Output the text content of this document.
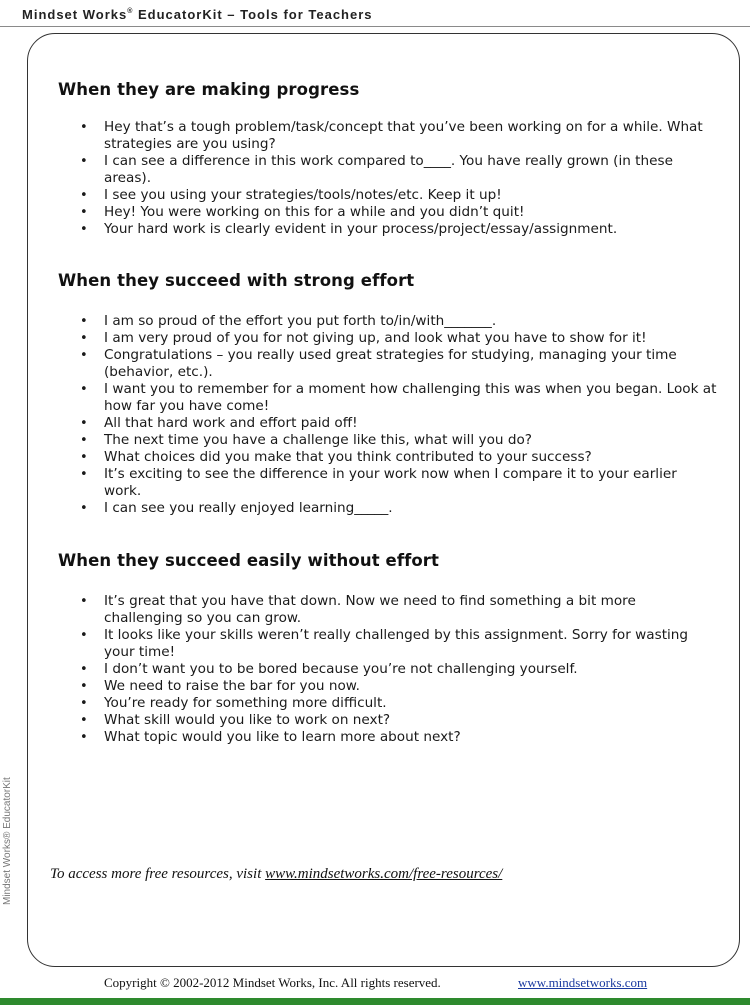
Mindset Works® EducatorKit – Tools for Teachers
When they are making progress
• Hey that’s a tough problem/task/concept that you’ve been working on for a while. What strategies are you using?
• I can see a difference in this work compared to____. You have really grown (in these areas).
• I see you using your strategies/tools/notes/etc. Keep it up!
• Hey! You were working on this for a while and you didn’t quit!
• Your hard work is clearly evident in your process/project/essay/assignment.
When they succeed with strong effort
• I am so proud of the effort you put forth to/in/with_______.
• I am very proud of you for not giving up, and look what you have to show for it!
• Congratulations – you really used great strategies for studying, managing your time (behavior, etc.).
• I want you to remember for a moment how challenging this was when you began. Look at how far you have come!
• All that hard work and effort paid off!
• The next time you have a challenge like this, what will you do?
• What choices did you make that you think contributed to your success?
• It’s exciting to see the difference in your work now when I compare it to your earlier work.
• I can see you really enjoyed learning_____.
When they succeed easily without effort
• It’s great that you have that down. Now we need to find something a bit more challenging so you can grow.
• It looks like your skills weren’t really challenged by this assignment. Sorry for wasting your time!
• I don’t want you to be bored because you’re not challenging yourself.
• We need to raise the bar for you now.
• You’re ready for something more difficult.
• What skill would you like to work on next?
• What topic would you like to learn more about next?
Mindset Works® EducatorKit To access more free resources, visit www.mindsetworks.com/free-resources/
Copyright © 2002-2012 Mindset Works, Inc. All rights reserved.	www.mindsetworks.com
